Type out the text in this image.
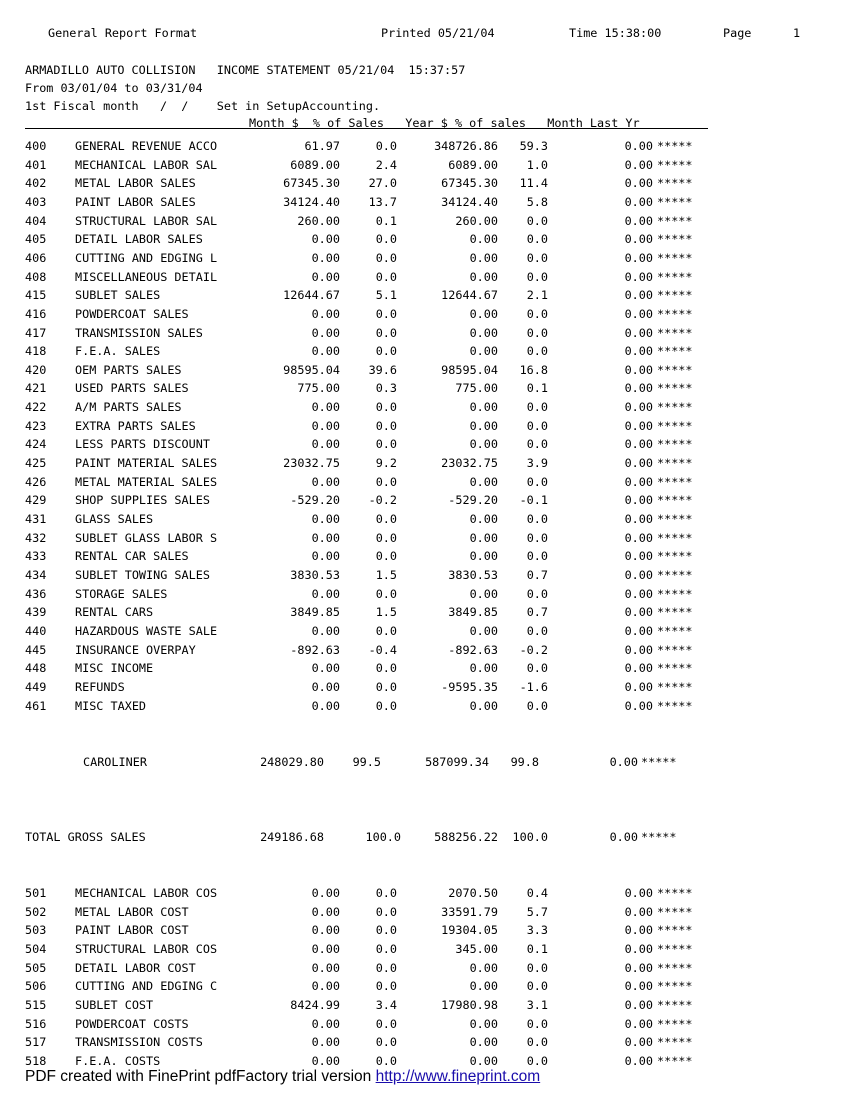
General Report Format	Printed 05/21/04	Time 15:38:00	Page	1
ARMADILLO AUTO COLLISION   INCOME STATEMENT 05/21/04  15:37:57
From 03/01/04 to 03/31/04
1st Fiscal month   /  /    Set in SetupAccounting.
Month $  % of Sales   Year $ % of sales   Month Last Yr
400 GENERAL REVENUE ACCO	61.97	0.0	348726.86 59.3	0.00 *****
401 MECHANICAL LABOR SAL	6089.00	2.4	6089.00 1.0	0.00 *****
402 METAL LABOR SALES	67345.30 27.0	67345.30 11.4	0.00 *****
403 PAINT LABOR SALES	34124.40 13.7	34124.40 5.8	0.00 *****
404 STRUCTURAL LABOR SAL	260.00	0.1	260.00 0.0	0.00 *****
405 DETAIL LABOR SALES	0.00	0.0	0.00 0.0	0.00 *****
406 CUTTING AND EDGING L	0.00	0.0	0.00 0.0	0.00 *****
408 MISCELLANEOUS DETAIL	0.00	0.0	0.00 0.0	0.00 *****
415 SUBLET SALES	12644.67	5.1	12644.67 2.1	0.00 *****
416 POWDERCOAT SALES	0.00	0.0	0.00 0.0	0.00 *****
417 TRANSMISSION SALES	0.00	0.0	0.00 0.0	0.00 *****
418 F.E.A. SALES	0.00	0.0	0.00 0.0	0.00 *****
420 OEM PARTS SALES	98595.04 39.6	98595.04 16.8	0.00 *****
421 USED PARTS SALES	775.00	0.3	775.00 0.1	0.00 *****
422 A/M PARTS SALES	0.00	0.0	0.00 0.0	0.00 *****
423 EXTRA PARTS SALES	0.00	0.0	0.00 0.0	0.00 *****
424 LESS PARTS DISCOUNT	0.00	0.0	0.00 0.0	0.00 *****
425 PAINT MATERIAL SALES	23032.75	9.2	23032.75 3.9	0.00 *****
426 METAL MATERIAL SALES	0.00	0.0	0.00 0.0	0.00 *****
429 SHOP SUPPLIES SALES	-529.20 -0.2	-529.20 -0.1	0.00 *****
431 GLASS SALES	0.00	0.0	0.00 0.0	0.00 *****
432 SUBLET GLASS LABOR S	0.00	0.0	0.00 0.0	0.00 *****
433 RENTAL CAR SALES	0.00	0.0	0.00 0.0	0.00 *****
434 SUBLET TOWING SALES	3830.53	1.5	3830.53 0.7	0.00 *****
436 STORAGE SALES	0.00	0.0	0.00 0.0	0.00 *****
439 RENTAL CARS	3849.85	1.5	3849.85 0.7	0.00 *****
440 HAZARDOUS WASTE SALE	0.00	0.0	0.00 0.0	0.00 *****
445 INSURANCE OVERPAY	-892.63 -0.4	-892.63 -0.2	0.00 *****
448 MISC INCOME	0.00	0.0	0.00 0.0	0.00 *****
449 REFUNDS	0.00	0.0	-9595.35 -1.6	0.00 *****
461 MISC TAXED	0.00	0.0	0.00 0.0	0.00 *****
CAROLINER	248029.80 99.5	587099.34 99.8	0.00 *****
TOTAL GROSS SALES	249186.68	100.0	588256.22 100.0	0.00 *****
501 MECHANICAL LABOR COS	0.00	0.0	2070.50 0.4	0.00 *****
502 METAL LABOR COST	0.00	0.0	33591.79 5.7	0.00 *****
503 PAINT LABOR COST	0.00	0.0	19304.05 3.3	0.00 *****
504 STRUCTURAL LABOR COS	0.00	0.0	345.00 0.1	0.00 *****
505 DETAIL LABOR COST	0.00	0.0	0.00 0.0	0.00 *****
506 CUTTING AND EDGING C	0.00	0.0	0.00 0.0	0.00 *****
515 SUBLET COST	8424.99	3.4	17980.98 3.1	0.00 *****
516 POWDERCOAT COSTS	0.00	0.0	0.00 0.0	0.00 *****
517 TRANSMISSION COSTS	0.00	0.0	0.00 0.0	0.00 *****
518 F.E.A. COSTS	0.00	0.0	0.00 0.0	0.00 *****
PDF created with FinePrint pdfFactory trial version http://www.fineprint.com
